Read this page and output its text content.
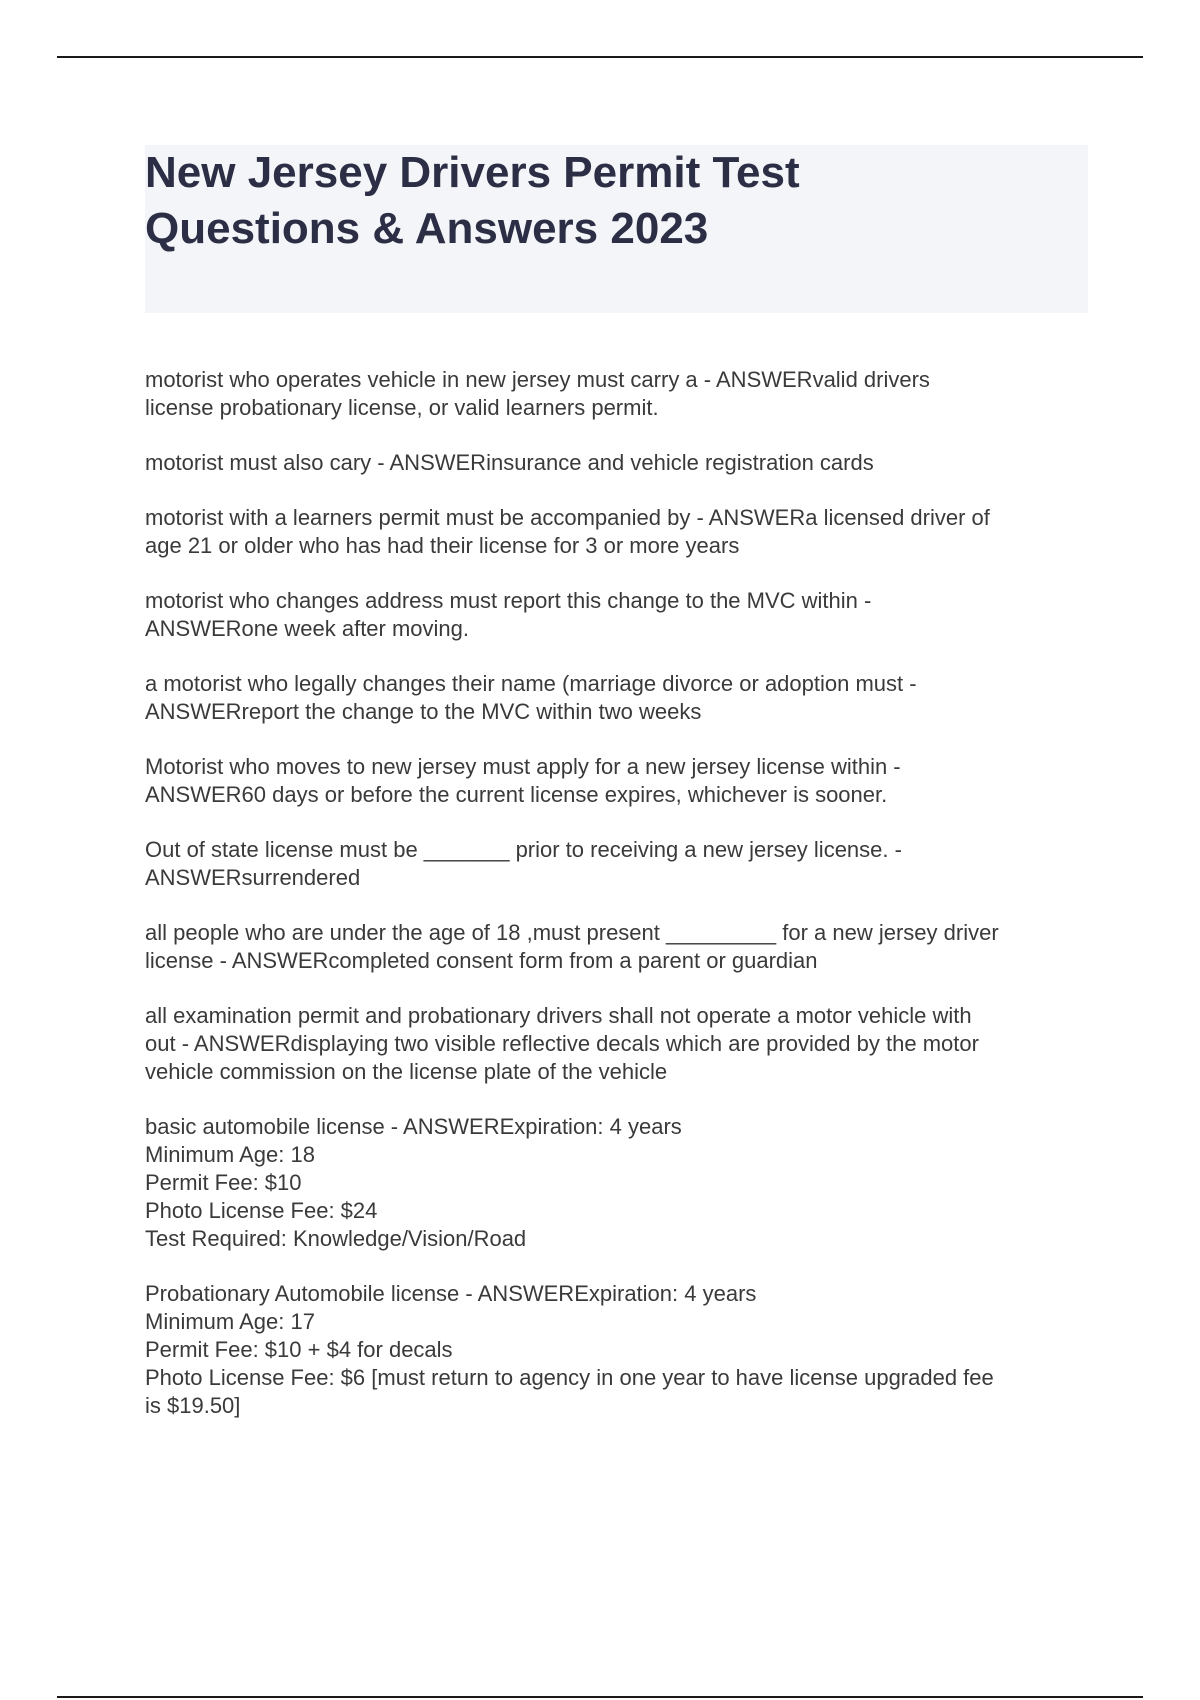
New Jersey Drivers Permit Test
Questions & Answers 2023

motorist who operates vehicle in new jersey must carry a - ANSWERvalid drivers
license probationary license, or valid learners permit.

motorist must also cary - ANSWERinsurance and vehicle registration cards

motorist with a learners permit must be accompanied by - ANSWERa licensed driver of
age 21 or older who has had their license for 3 or more years

motorist who changes address must report this change to the MVC within -
ANSWERone week after moving.

a motorist who legally changes their name (marriage divorce or adoption must -
ANSWERreport the change to the MVC within two weeks

Motorist who moves to new jersey must apply for a new jersey license within -
ANSWER60 days or before the current license expires, whichever is sooner.

Out of state license must be _______ prior to receiving a new jersey license. -
ANSWERsurrendered

all people who are under the age of 18 ,must present _________ for a new jersey driver
license - ANSWERcompleted consent form from a parent or guardian

all examination permit and probationary drivers shall not operate a motor vehicle with
out - ANSWERdisplaying two visible reflective decals which are provided by the motor
vehicle commission on the license plate of the vehicle

basic automobile license - ANSWERExpiration: 4 years
Minimum Age: 18
Permit Fee: $10
Photo License Fee: $24
Test Required: Knowledge/Vision/Road

Probationary Automobile license - ANSWERExpiration: 4 years
Minimum Age: 17
Permit Fee: $10 + $4 for decals
Photo License Fee: $6 [must return to agency in one year to have license upgraded fee
is $19.50]
